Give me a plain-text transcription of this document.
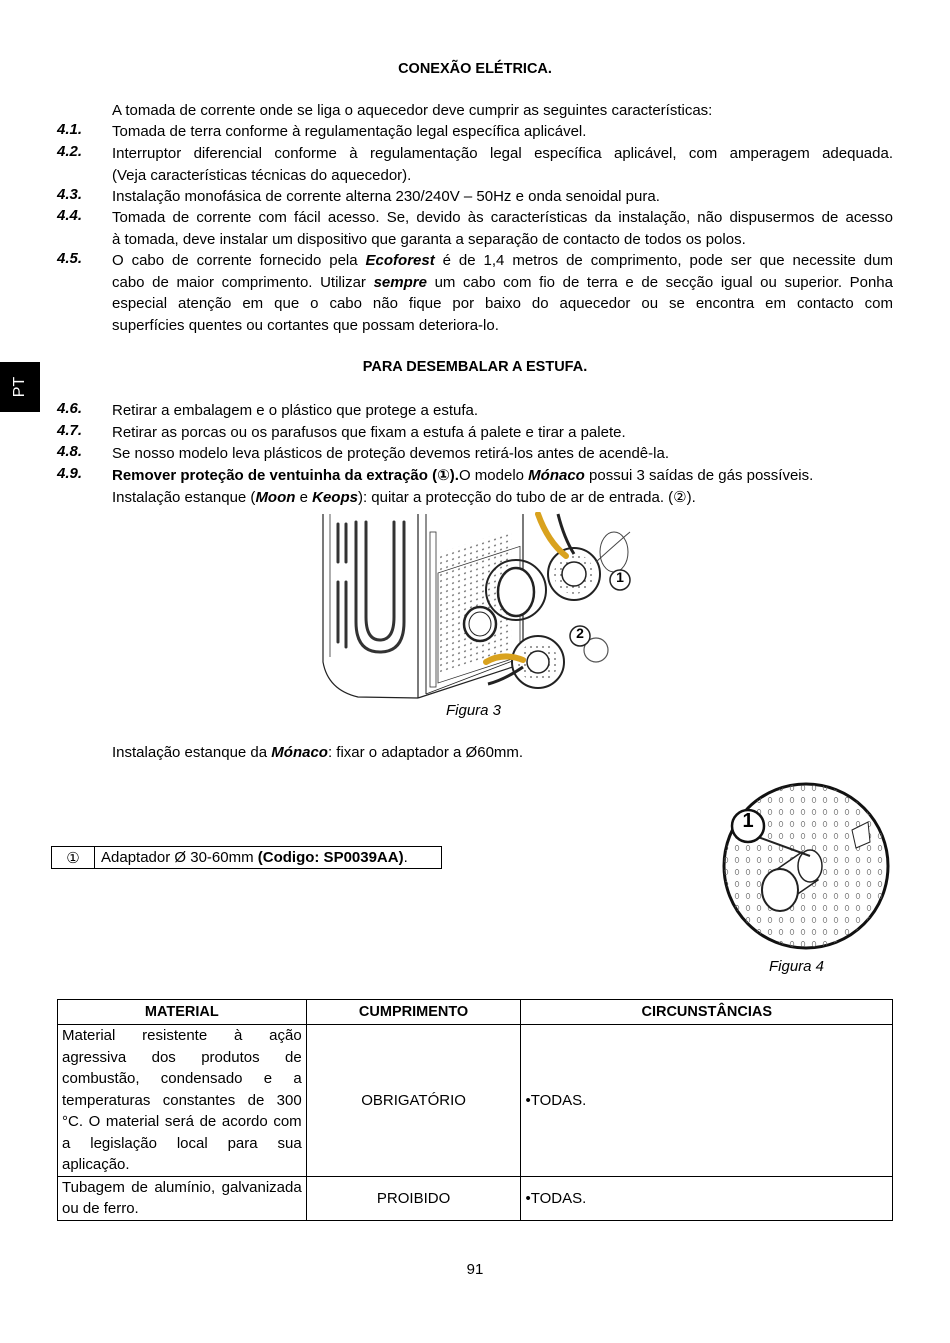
CONEXÃO ELÉTRICA.
A tomada de corrente onde se liga o aquecedor deve cumprir as seguintes características:
4.1. Tomada de terra conforme à regulamentação legal específica aplicável.
4.2. Interruptor diferencial conforme à regulamentação legal específica aplicável, com amperagem adequada.
(Veja características técnicas do aquecedor).
4.3. Instalação monofásica de corrente alterna 230/240V – 50Hz e onda senoidal pura.
4.4. Tomada de corrente com fácil acesso. Se, devido às características da instalação, não dispusermos de acesso
à tomada, deve instalar um dispositivo que garanta a separação de contacto de todos os polos.
4.5. O cabo de corrente fornecido pela Ecoforest é de 1,4 metros de comprimento, pode ser que necessite dum
cabo de maior comprimento. Utilizar sempre um cabo com fio de terra e de secção igual ou superior. Ponha
especial atenção em que o cabo não fique por baixo do aquecedor ou se encontra em contacto com
superfícies quentes ou cortantes que possam deteriora-lo.
PT
PARA DESEMBALAR A ESTUFA.
4.6. Retirar a embalagem e o plástico que protege a estufa.
4.7. Retirar as porcas ou os parafusos que fixam a estufa á palete e tirar a palete.
4.8. Se nosso modelo leva plásticos de proteção devemos retirá-los antes de acendê-la.
4.9. Remover proteção de ventuinha da extração (①).O modelo Mónaco possui 3 saídas de gás possíveis.
Instalação estanque (Moon e Keops): quitar a protecção do tubo de ar de entrada. (②).
1
2
Figura 3
Instalação estanque da Mónaco: fixar o adaptador a Ø60mm.
①	Adaptador Ø 30-60mm (Codigo: SP0039AA).
1
Figura 4
MATERIAL	CUMPRIMENTO	CIRCUNSTÂNCIAS
Material resistente à ação agressiva dos produtos de combustão, condensado e a temperaturas constantes de 300 °C. O material será de acordo com a legislação local para sua aplicação.	OBRIGATÓRIO	•TODAS.
Tubagem de alumínio, galvanizada ou de ferro.	PROIBIDO	•TODAS.
91
